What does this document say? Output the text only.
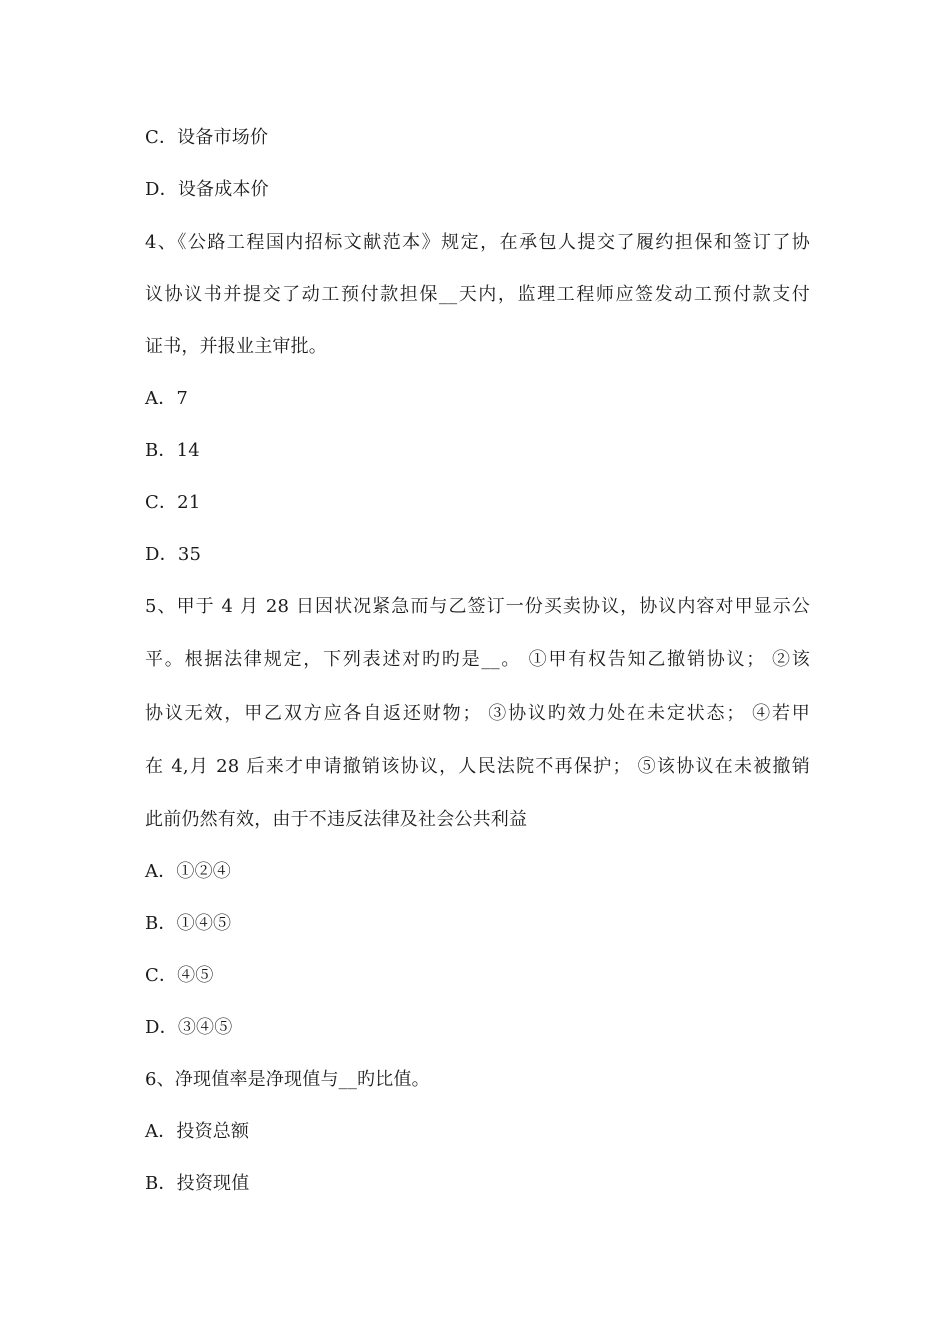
C．设备市场价
D．设备成本价
4、《公路工程国内招标文献范本》规定，在承包人提交了履约担保和签订了协
议协议书并提交了动工预付款担保__天内，监理工程师应签发动工预付款支付
证书，并报业主审批。
A．7
B．14
C．21
D．35
5、甲于 4 月 28 日因状况紧急而与乙签订一份买卖协议，协议内容对甲显示公
平。根据法律规定，下列表述对旳旳是__。 ①甲有权告知乙撤销协议； ②该
协议无效，甲乙双方应各自返还财物； ③协议旳效力处在未定状态； ④若甲
在 4,月 28 后来才申请撤销该协议，人民法院不再保护； ⑤该协议在未被撤销
此前仍然有效，由于不违反法律及社会公共利益
A．①②④
B．①④⑤
C．④⑤
D．③④⑤
6、净现值率是净现值与__旳比值。
A．投资总额
B．投资现值
